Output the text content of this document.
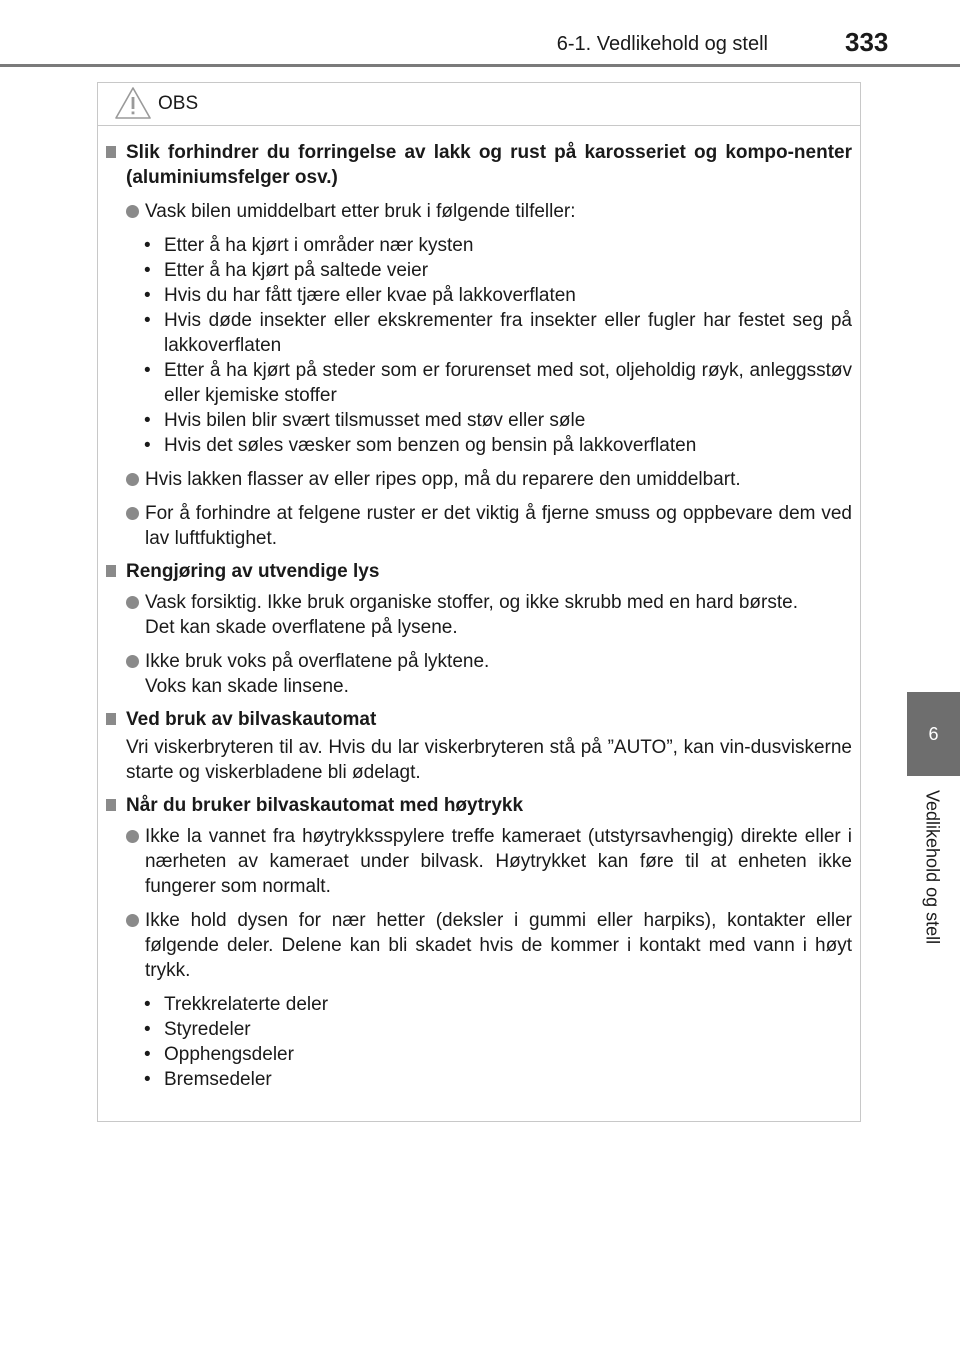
6-1. Vedlikehold og stell	333
6
Vedlikehold og stell
OBS
Slik forhindrer du forringelse av lakk og rust på karosseriet og kompo-nenter (aluminiumsfelger osv.)
Vask bilen umiddelbart etter bruk i følgende tilfeller:
• Etter å ha kjørt i områder nær kysten
• Etter å ha kjørt på saltede veier
• Hvis du har fått tjære eller kvae på lakkoverflaten
• Hvis døde insekter eller ekskrementer fra insekter eller fugler har festet seg på lakkoverflaten
• Etter å ha kjørt på steder som er forurenset med sot, oljeholdig røyk, anleggsstøv eller kjemiske stoffer
• Hvis bilen blir svært tilsmusset med støv eller søle
• Hvis det søles væsker som benzen og bensin på lakkoverflaten
Hvis lakken flasser av eller ripes opp, må du reparere den umiddelbart.
For å forhindre at felgene ruster er det viktig å fjerne smuss og oppbevare dem ved lav luftfuktighet.
Rengjøring av utvendige lys
Vask forsiktig. Ikke bruk organiske stoffer, og ikke skrubb med en hard børste.
Det kan skade overflatene på lysene.
Ikke bruk voks på overflatene på lyktene.
Voks kan skade linsene.
Ved bruk av bilvaskautomat
Vri viskerbryteren til av. Hvis du lar viskerbryteren stå på ”AUTO”, kan vin-dusviskerne starte og viskerbladene bli ødelagt.
Når du bruker bilvaskautomat med høytrykk
Ikke la vannet fra høytrykksspylere treffe kameraet (utstyrsavhengig) direkte eller i nærheten av kameraet under bilvask. Høytrykket kan føre til at enheten ikke fungerer som normalt.
Ikke hold dysen for nær hetter (deksler i gummi eller harpiks), kontakter eller følgende deler. Delene kan bli skadet hvis de kommer i kontakt med vann i høyt trykk.
• Trekkrelaterte deler
• Styredeler
• Opphengsdeler
• Bremsedeler
